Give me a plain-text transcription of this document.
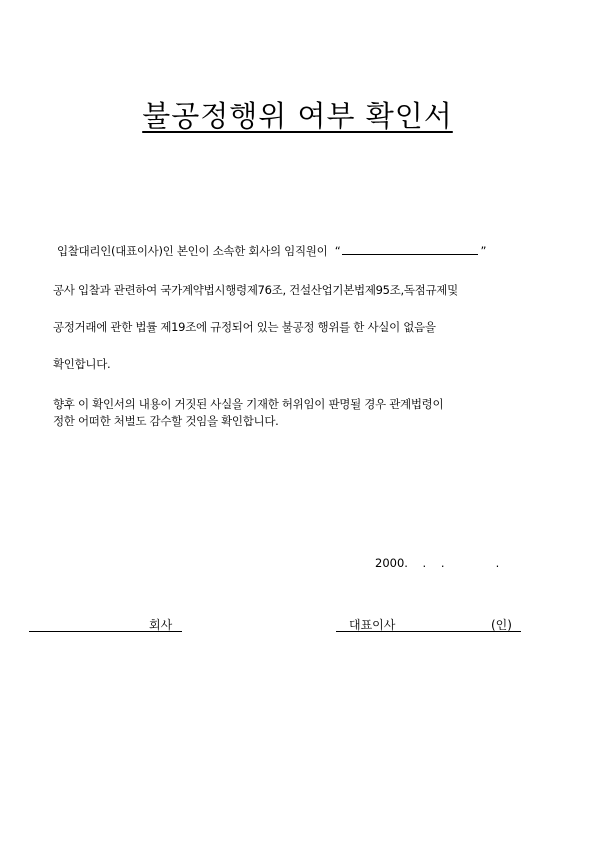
불공정행위 여부 확인서
입찰대리인(대표이사)인 본인이 소속한 회사의 임직원이 “	”
공사 입찰과 관련하여 국가계약법시행령제76조, 건설산업기본법제95조,독점규제및
공정거래에 관한 법률 제19조에 규정되어 있는 불공정 행위를 한 사실이 없음을
확인합니다.
향후 이 확인서의 내용이 거짓된 사실을 기재한 허위임이 판명될 경우 관계법령이
정한 어떠한 처벌도 감수할 것임을 확인합니다.
2000.    .    .              .
회사	대표이사	(인)
